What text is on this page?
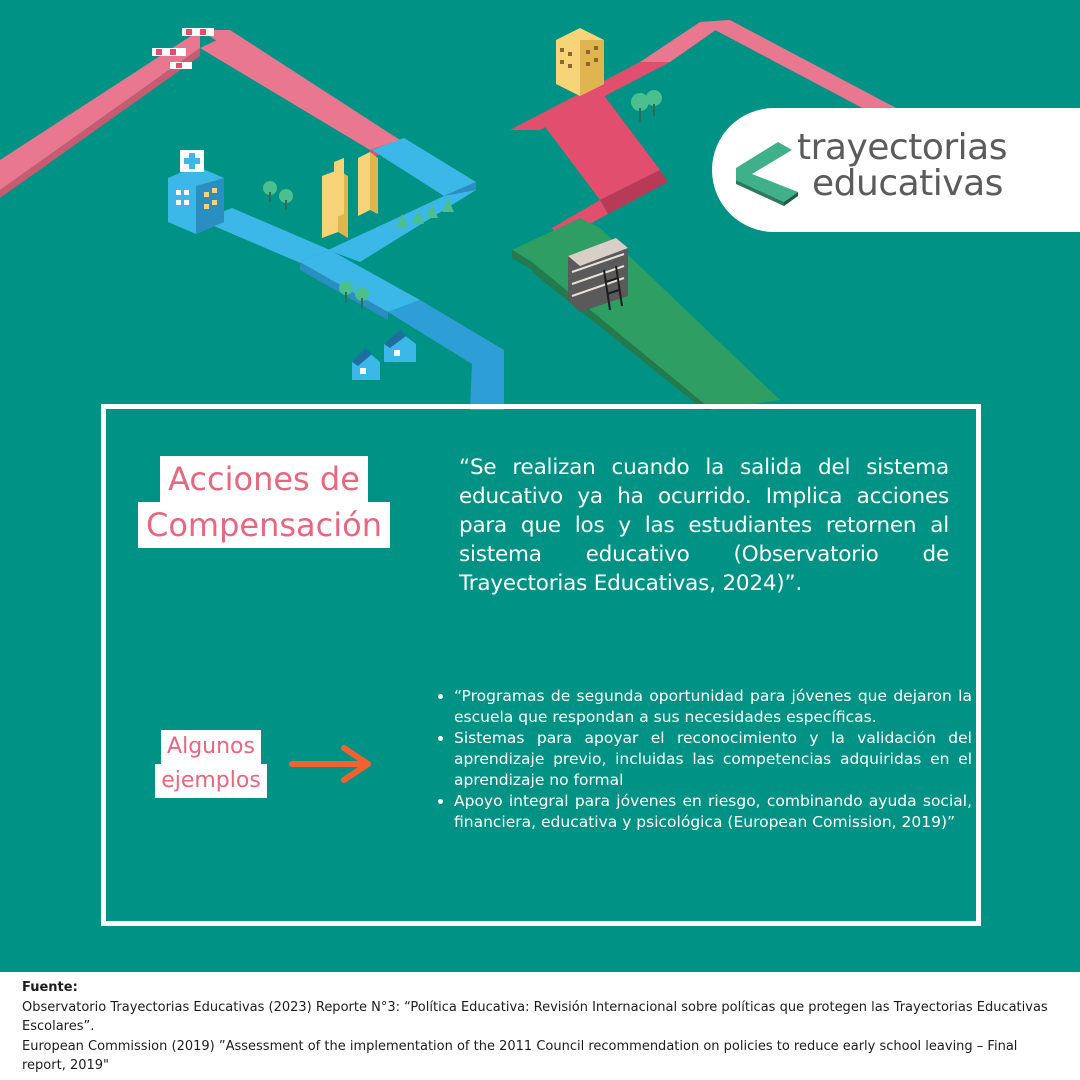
trayectorias
educativas
Acciones de
Compensación
“Se realizan cuando la salida del sistema educativo ya ha ocurrido. Implica acciones para que los y las estudiantes retornen al sistema educativo (Observatorio de Trayectorias Educativas, 2024)”.
Algunos
ejemplos
• “Programas de segunda oportunidad para jóvenes que dejaron la escuela que respondan a sus necesidades específicas.
• Sistemas para apoyar el reconocimiento y la validación del aprendizaje previo, incluidas las competencias adquiridas en el aprendizaje no formal
• Apoyo integral para jóvenes en riesgo, combinando ayuda social, financiera, educativa y psicológica (European Comission, 2019)”
Fuente:
Observatorio Trayectorias Educativas (2023) Reporte N°3: “Política Educativa: Revisión Internacional sobre políticas que protegen las Trayectorias Educativas Escolares”.
European Commission (2019) ”Assessment of the implementation of the 2011 Council recommendation on policies to reduce early school leaving – Final report, 2019"
